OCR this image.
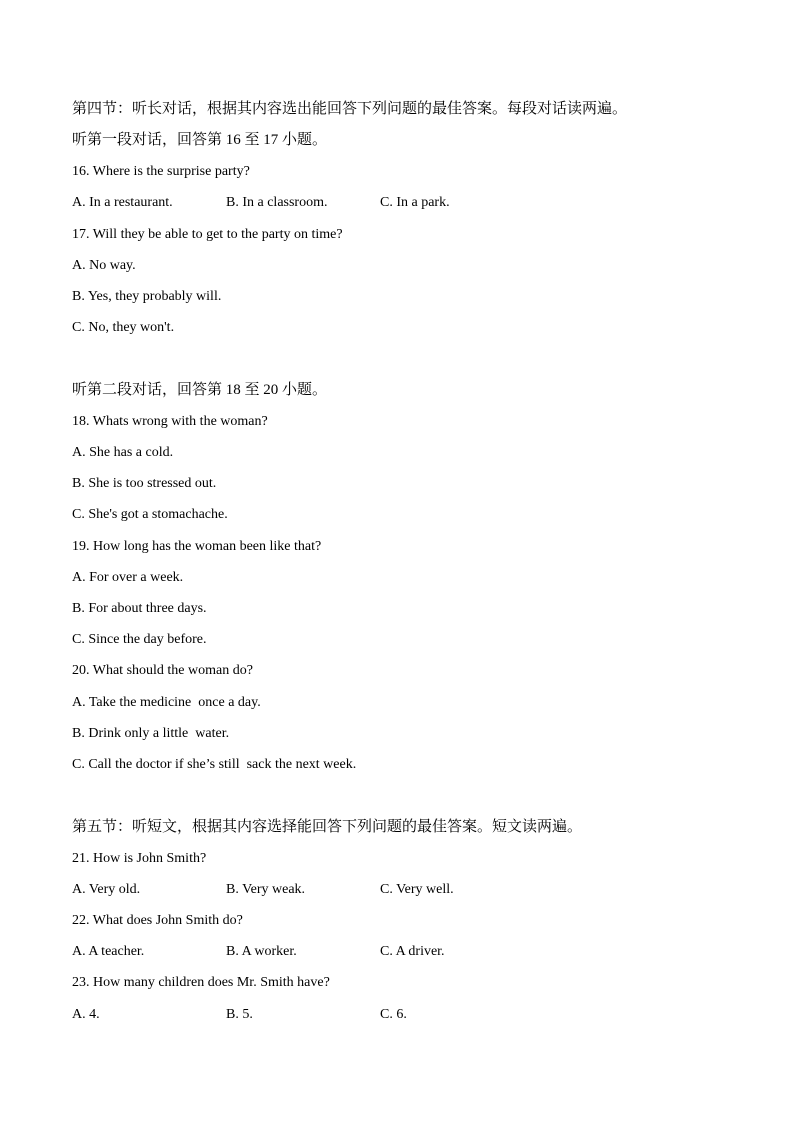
第四节：听长对话，根据其内容选出能回答下列问题的最佳答案。每段对话读两遍。
听第一段对话，回答第 16 至 17 小题。
16. Where is the surprise party?
A. In a restaurant.	B. In a classroom.	C. In a park.
17. Will they be able to get to the party on time?
A. No way.
B. Yes, they probably will.
C. No, they won't.
听第二段对话，回答第 18 至 20 小题。
18. Whats wrong with the woman?
A. She has a cold.
B. She is too stressed out.
C. She's got a stomachache.
19. How long has the woman been like that?
A. For over a week.
B. For about three days.
C. Since the day before.
20. What should the woman do?
A. Take the medicine  once a day.
B. Drink only a little  water.
C. Call the doctor if she’s still  sack the next week.
第五节：听短文，根据其内容选择能回答下列问题的最佳答案。短文读两遍。
21. How is John Smith?
A. Very old.	B. Very weak.	C. Very well.
22. What does John Smith do?
A. A teacher.	B. A worker.	C. A driver.
23. How many children does Mr. Smith have?
A. 4.	B. 5.	C. 6.
